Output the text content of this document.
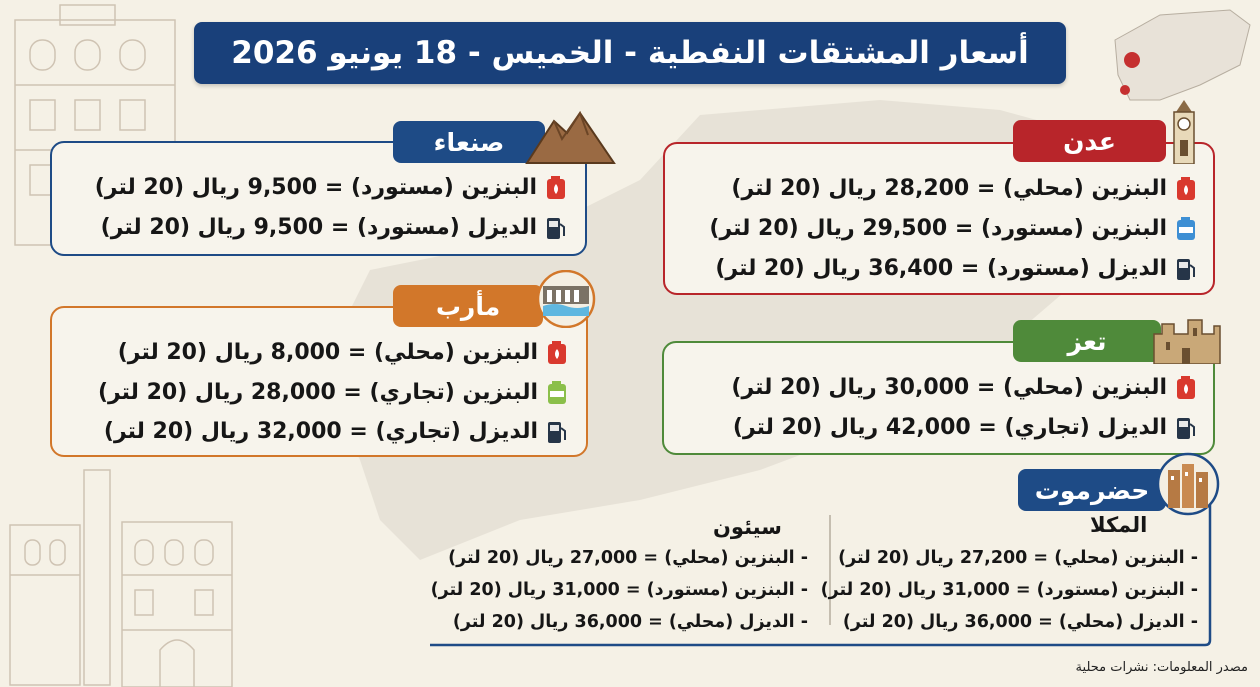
أسعار المشتقات النفطية - الخميس - 18 يونيو 2026
البنزين (مستورد) = 9,500 ريال (20 لتر)
الديزل (مستورد) = 9,500 ريال (20 لتر)
صنعاء
البنزين (محلي) = 28,200 ريال (20 لتر)
البنزين (مستورد) = 29,500 ريال (20 لتر)
الديزل (مستورد) = 36,400 ريال (20 لتر)
عدن
البنزين (محلي) = 8,000 ريال (20 لتر)
البنزين (تجاري) = 28,000 ريال (20 لتر)
الديزل (تجاري) = 32,000 ريال (20 لتر)
مأرب
البنزين (محلي) = 30,000 ريال (20 لتر)
الديزل (تجاري) = 42,000 ريال (20 لتر)
تعز
حضرموت
المكلا
- البنزين (محلي) = 27,200 ريال (20 لتر)
- البنزين (مستورد) = 31,000 ريال (20 لتر)
- الديزل (محلي) = 36,000 ريال (20 لتر)
سيئون
- البنزين (محلي) = 27,000 ريال (20 لتر)
- البنزين (مستورد) = 31,000 ريال (20 لتر)
- الديزل (محلي) = 36,000 ريال (20 لتر)
مصدر المعلومات: نشرات محلية
